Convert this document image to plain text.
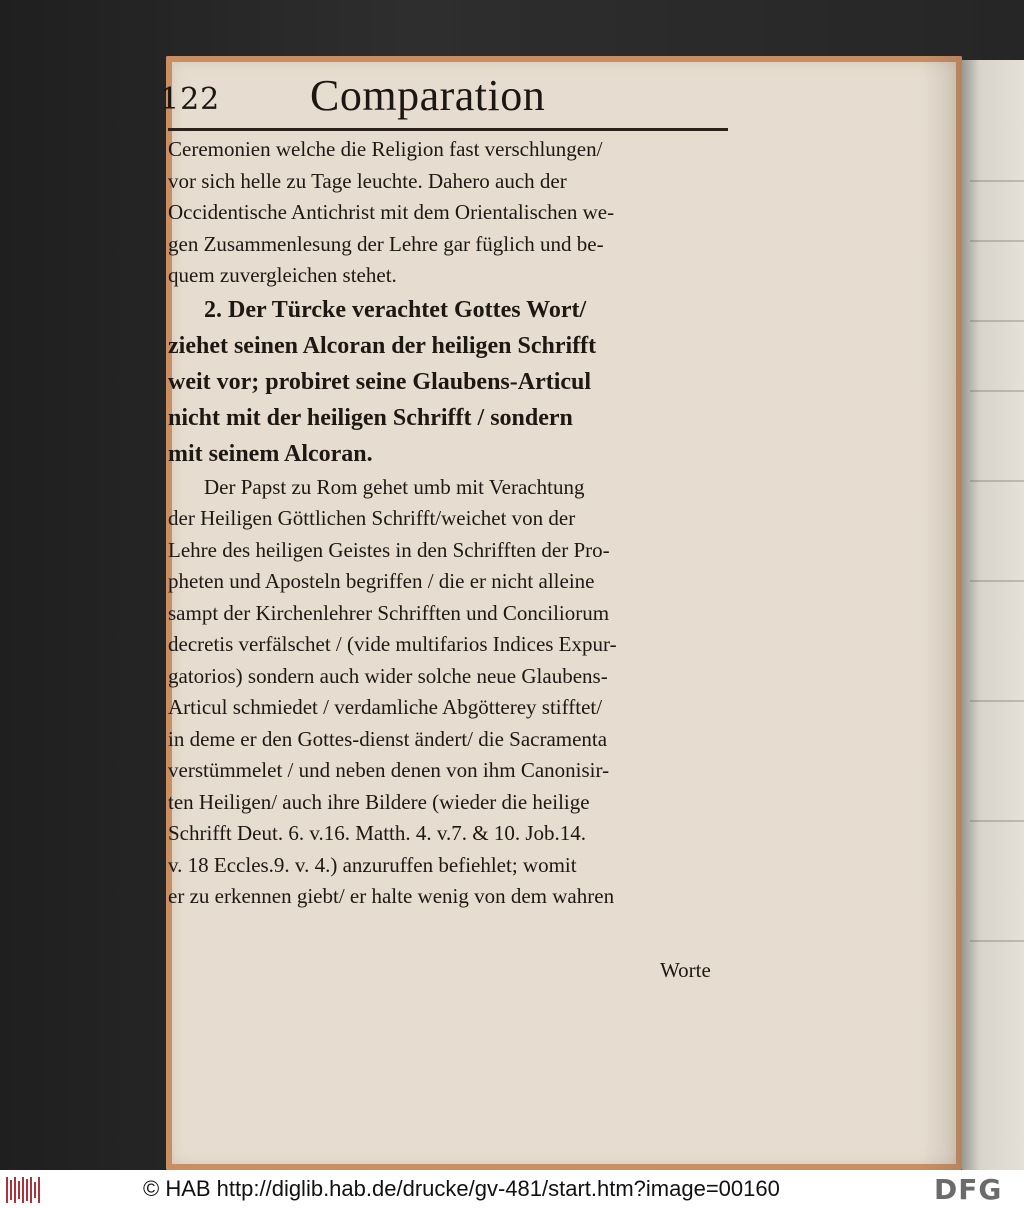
122 Comparation
Ceremonien welche die Religion fast verschlungen/
vor sich helle zu Tage leuchte. Dahero auch der
Occidentische Antichrist mit dem Orientalischen we-
gen Zusammenlesung der Lehre gar füglich und be-
quem zuvergleichen stehet.
2. Der Türcke verachtet Gottes Wort/
ziehet seinen Alcoran der heiligen Schrifft
weit vor; probiret seine Glaubens-Articul
nicht mit der heiligen Schrifft / sondern
mit seinem Alcoran.
Der Papst zu Rom gehet umb mit Verachtung
der Heiligen Göttlichen Schrifft/weichet von der
Lehre des heiligen Geistes in den Schrifften der Pro-
pheten und Aposteln begriffen / die er nicht alleine
sampt der Kirchenlehrer Schrifften und Conciliorum
decretis verfälschet / (vide multifarios Indices Expur-
gatorios) sondern auch wider solche neue Glaubens-
Articul schmiedet / verdamliche Abgötterey stifftet/
in deme er den Gottes-dienst ändert/ die Sacramenta
verstümmelet / und neben denen von ihm Canonisir-
ten Heiligen/ auch ihre Bildere (wieder die heilige
Schrifft Deut. 6. v.16. Matth. 4. v.7. & 10. Job.14.
v. 18 Eccles.9. v. 4.) anzuruffen befiehlet; womit
er zu erkennen giebt/ er halte wenig von dem wahren
Worte
© HAB http://diglib.hab.de/drucke/gv-481/start.htm?image=00160	DFG
